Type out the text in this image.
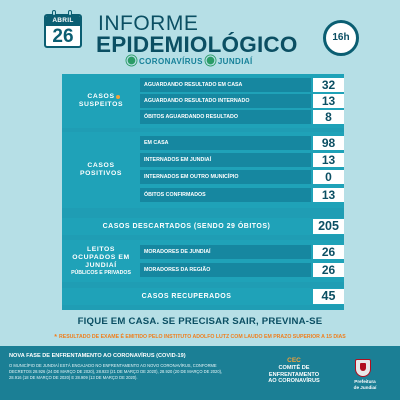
ABRIL
26
INFORME
EPIDEMIOLÓGICO
CORONAVÍRUS JUNDIAÍ
16h
CASOS
SUSPEITOS
AGUARDANDO RESULTADO EM CASA	32
AGUARDANDO RESULTADO INTERNADO	13
ÓBITOS AGUARDANDO RESULTADO	8
CASOS
POSITIVOS
EM CASA	98
INTERNADOS EM JUNDIAÍ	13
INTERNADOS EM OUTRO MUNICÍPIO	0
ÓBITOS CONFIRMADOS	13
CASOS DESCARTADOS (SENDO 29 ÓBITOS)	205
LEITOS
OCUPADOS EM
JUNDIAÍ
PÚBLICOS E PRIVADOS
MORADORES DE JUNDIAÍ	26
MORADORES DA REGIÃO	26
CASOS RECUPERADOS	45
FIQUE EM CASA. SE PRECISAR SAIR, PREVINA-SE
* RESULTADO DE EXAME É EMITIDO PELO INSTITUTO ADOLFO LUTZ COM LAUDO EM PRAZO SUPERIOR A 15 DIAS
NOVA FASE DE ENFRENTAMENTO AO CORONAVÍRUS (COVID-19)
O MUNICÍPIO DE JUNDIAÍ ESTÁ ENGAJADO NO ENFRENTAMENTO AO NOVO CORONAVÍRUS, CONFORME DECRETOS 28.926 (24 DE MARÇO DE 2020), 28.923 (21 DE MARÇO DE 2020), 28.920 (20 DE MARÇO DE 2020), 28.916 (18 DE MARÇO DE 2020) E 28.909 (13 DE MARÇO DE 2020).
CEC
COMITÊ DE
ENFRENTAMENTO
AO CORONAVÍRUS	Prefeitura
de Jundiaí
